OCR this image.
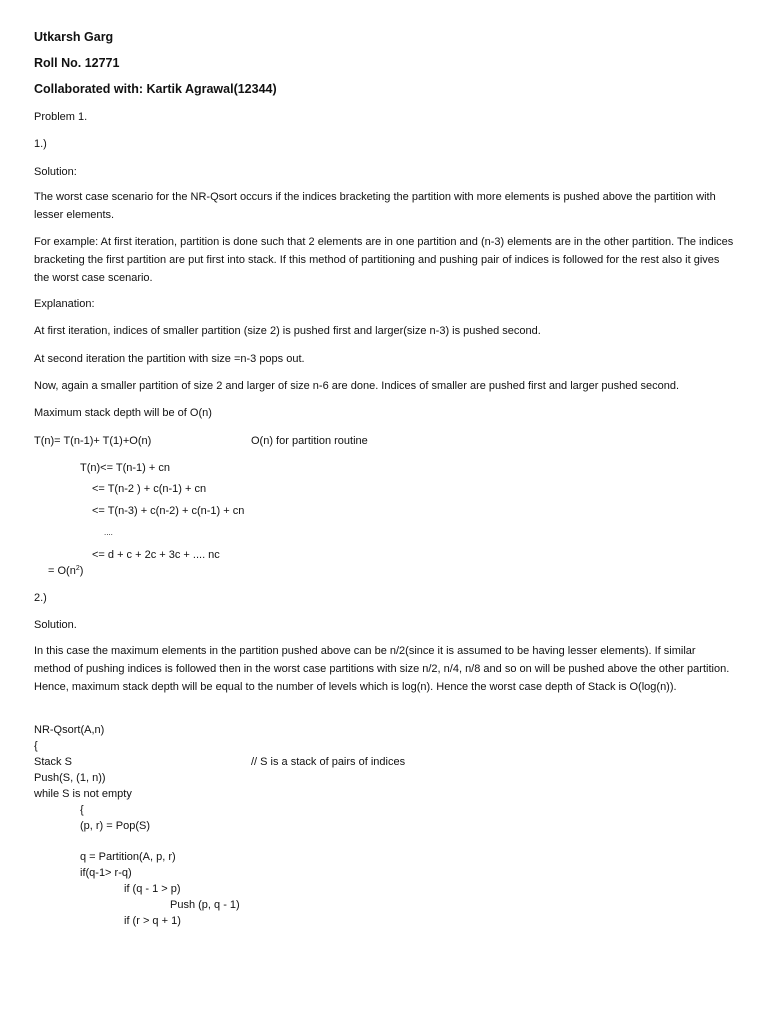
Utkarsh Garg
Roll No. 12771
Collaborated with: Kartik Agrawal(12344)
Problem 1.
1.)
Solution:
The worst case scenario for the NR-Qsort occurs if the indices bracketing the partition with more elements is pushed above the partition with lesser elements.
For example: At first iteration, partition is done such that 2 elements are in one partition and (n-3) elements are in the other partition. The indices bracketing the first partition are put first into stack. If this method of partitioning and pushing pair of indices is followed for the rest also it gives the worst case scenario.
Explanation:
At first iteration, indices of smaller partition (size 2) is pushed first and larger(size n-3) is pushed second.
At second iteration the partition with size =n-3 pops out.
Now, again a smaller partition of size 2 and larger of size n-6 are done. Indices of smaller are pushed first and larger pushed second.
Maximum stack depth will be of O(n)
T(n)= T(n-1)+ T(1)+O(n)	O(n) for partition routine
T(n)<= T(n-1) + cn
<= T(n-2 ) + c(n-1) + cn
<= T(n-3) + c(n-2) + c(n-1) + cn
....
<= d + c + 2c + 3c + .... nc
= $O(n^2)$
2.)
Solution.
In this case the maximum elements in the partition pushed above can be n/2(since it is assumed to be having lesser elements). If similar method of pushing indices is followed then in the worst case partitions with size n/2, n/4, n/8 and so on will be pushed above the other partition. Hence, maximum stack depth will be equal to the number of levels which is log(n). Hence the worst case depth of Stack is O(log(n)).
NR-Qsort(A,n)
{
Stack S	// S is a stack of pairs of indices
Push(S, (1, n))
while S is not empty
{
(p, r) = Pop(S)
q = Partition(A, p, r)
if(q-1> r-q)
if (q - 1 > p)
Push (p, q - 1)
if (r > q + 1)
